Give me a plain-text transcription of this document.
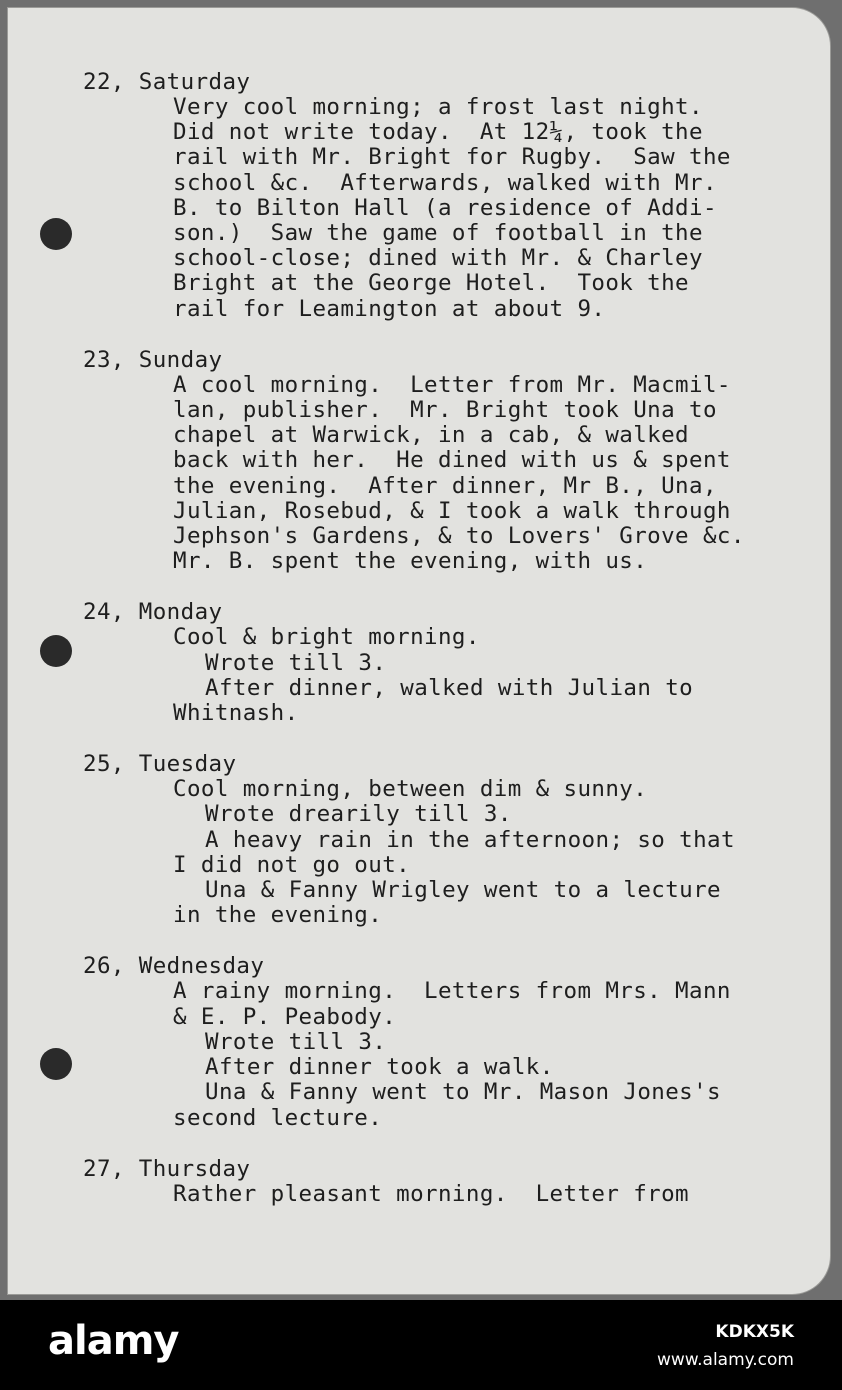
22, Saturday
Very cool morning; a frost last night.
Did not write today.  At 12¼, took the
rail with Mr. Bright for Rugby.  Saw the
school &c.  Afterwards, walked with Mr.
B. to Bilton Hall (a residence of Addi-
son.)  Saw the game of football in the
school-close; dined with Mr. & Charley
Bright at the George Hotel.  Took the
rail for Leamington at about 9.
23, Sunday
A cool morning.  Letter from Mr. Macmil-
lan, publisher.  Mr. Bright took Una to
chapel at Warwick, in a cab, & walked
back with her.  He dined with us & spent
the evening.  After dinner, Mr B., Una,
Julian, Rosebud, & I took a walk through
Jephson's Gardens, & to Lovers' Grove &c.
Mr. B. spent the evening, with us.
24, Monday
Cool & bright morning.
Wrote till 3.
After dinner, walked with Julian to
Whitnash.
25, Tuesday
Cool morning, between dim & sunny.
Wrote drearily till 3.
A heavy rain in the afternoon; so that
I did not go out.
Una & Fanny Wrigley went to a lecture
in the evening.
26, Wednesday
A rainy morning.  Letters from Mrs. Mann
& E. P. Peabody.
Wrote till 3.
After dinner took a walk.
Una & Fanny went to Mr. Mason Jones's
second lecture.
27, Thursday
Rather pleasant morning.  Letter from
alamy	KDKX5K
www.alamy.com
